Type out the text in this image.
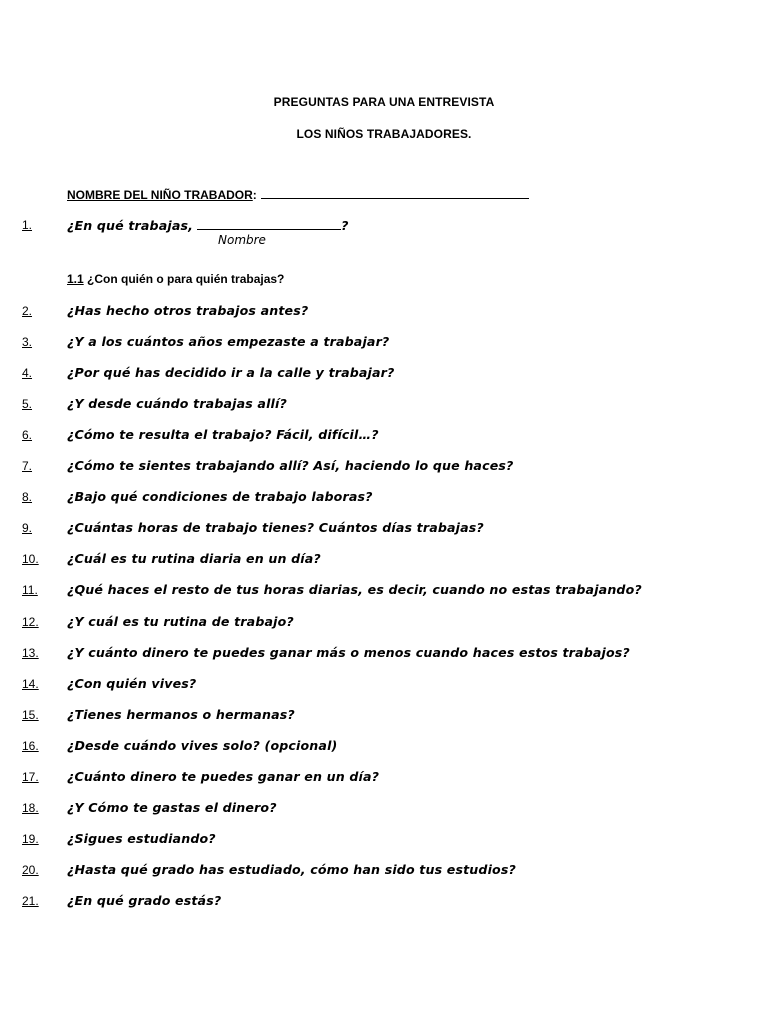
PREGUNTAS PARA UNA ENTREVISTA
LOS NIÑOS TRABAJADORES.
NOMBRE DEL NIÑO TRABADOR:
1.	¿En qué trabajas,	?
Nombre
1.1 ¿Con quién o para quién trabajas?
2.	¿Has hecho otros trabajos antes?
3.	¿Y a los cuántos años empezaste a trabajar?
4.	¿Por qué has decidido ir a la calle y trabajar?
5.	¿Y desde cuándo trabajas allí?
6.	¿Cómo te resulta el trabajo? Fácil, difícil…?
7.	¿Cómo te sientes trabajando allí? Así, haciendo lo que haces?
8.	¿Bajo qué condiciones de trabajo laboras?
9.	¿Cuántas horas de trabajo tienes? Cuántos días trabajas?
10. ¿Cuál es tu rutina diaria en un día?
11. ¿Qué haces el resto de tus horas diarias, es decir, cuando no estas trabajando?
12. ¿Y cuál es tu rutina de trabajo?
13. ¿Y cuánto dinero te puedes ganar más o menos cuando haces estos trabajos?
14. ¿Con quién vives?
15. ¿Tienes hermanos o hermanas?
16. ¿Desde cuándo vives solo? (opcional)
17. ¿Cuánto dinero te puedes ganar en un día?
18. ¿Y Cómo te gastas el dinero?
19. ¿Sigues estudiando?
20. ¿Hasta qué grado has estudiado, cómo han sido tus estudios?
21. ¿En qué grado estás?
